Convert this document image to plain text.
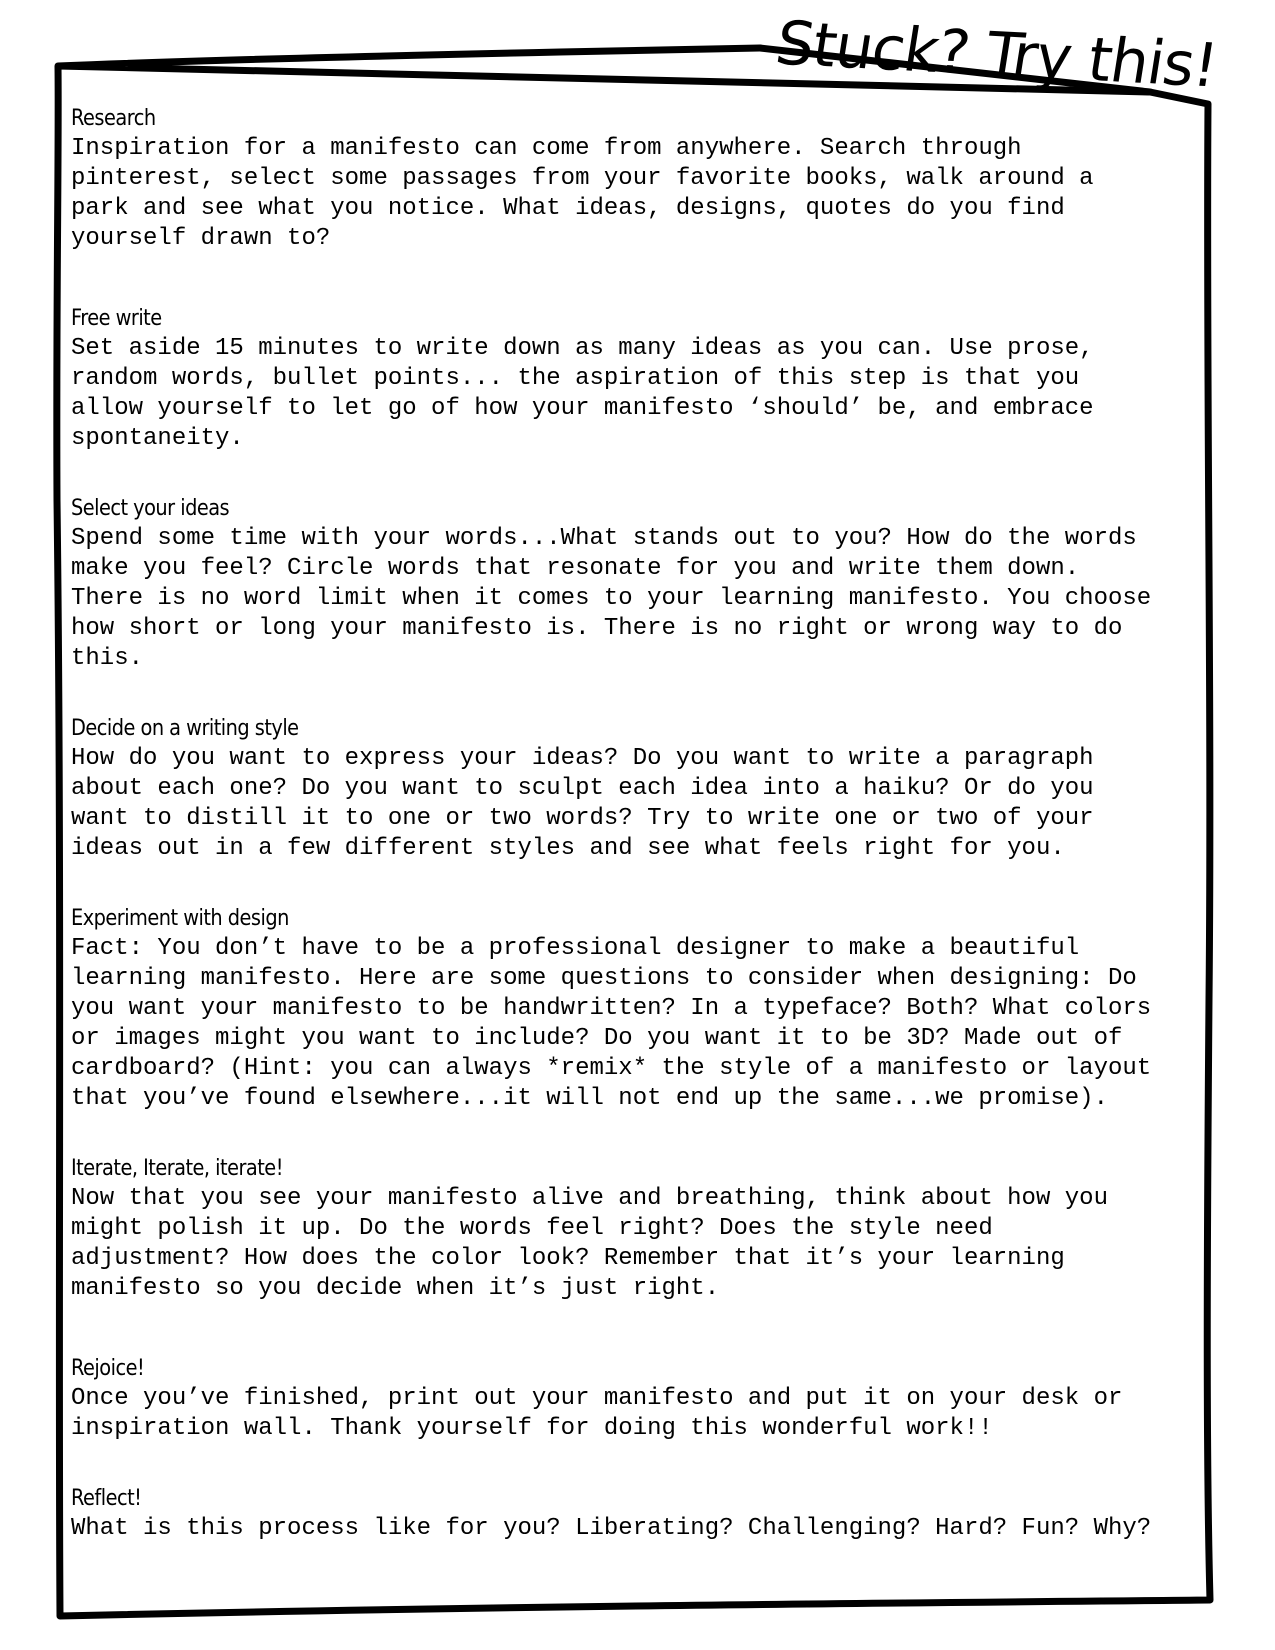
Stuck? Try this!
Research

Inspiration for a manifesto can come from anywhere. Search through
pinterest, select some passages from your favorite books, walk around a
park and see what you notice. What ideas, designs, quotes do you find
yourself drawn to?

Free write

Set aside 15 minutes to write down as many ideas as you can. Use prose,
random words, bullet points... the aspiration of this step is that you
allow yourself to let go of how your manifesto ‘should’ be, and embrace
spontaneity.

Select your ideas

Spend some time with your words...What stands out to you? How do the words
make you feel? Circle words that resonate for you and write them down.
There is no word limit when it comes to your learning manifesto. You choose
how short or long your manifesto is. There is no right or wrong way to do
this.

Decide on a writing style

How do you want to express your ideas? Do you want to write a paragraph
about each one? Do you want to sculpt each idea into a haiku? Or do you
want to distill it to one or two words? Try to write one or two of your
ideas out in a few different styles and see what feels right for you.

Experiment with design

Fact: You don’t have to be a professional designer to make a beautiful
learning manifesto. Here are some questions to consider when designing: Do
you want your manifesto to be handwritten? In a typeface? Both? What colors
or images might you want to include? Do you want it to be 3D? Made out of
cardboard? (Hint: you can always *remix* the style of a manifesto or layout
that you’ve found elsewhere...it will not end up the same...we promise).

Iterate, Iterate, iterate!

Now that you see your manifesto alive and breathing, think about how you
might polish it up. Do the words feel right? Does the style need
adjustment? How does the color look? Remember that it’s your learning
manifesto so you decide when it’s just right.

Rejoice!

Once you’ve finished, print out your manifesto and put it on your desk or
inspiration wall. Thank yourself for doing this wonderful work!!

Reflect!

What is this process like for you? Liberating? Challenging? Hard? Fun? Why?
